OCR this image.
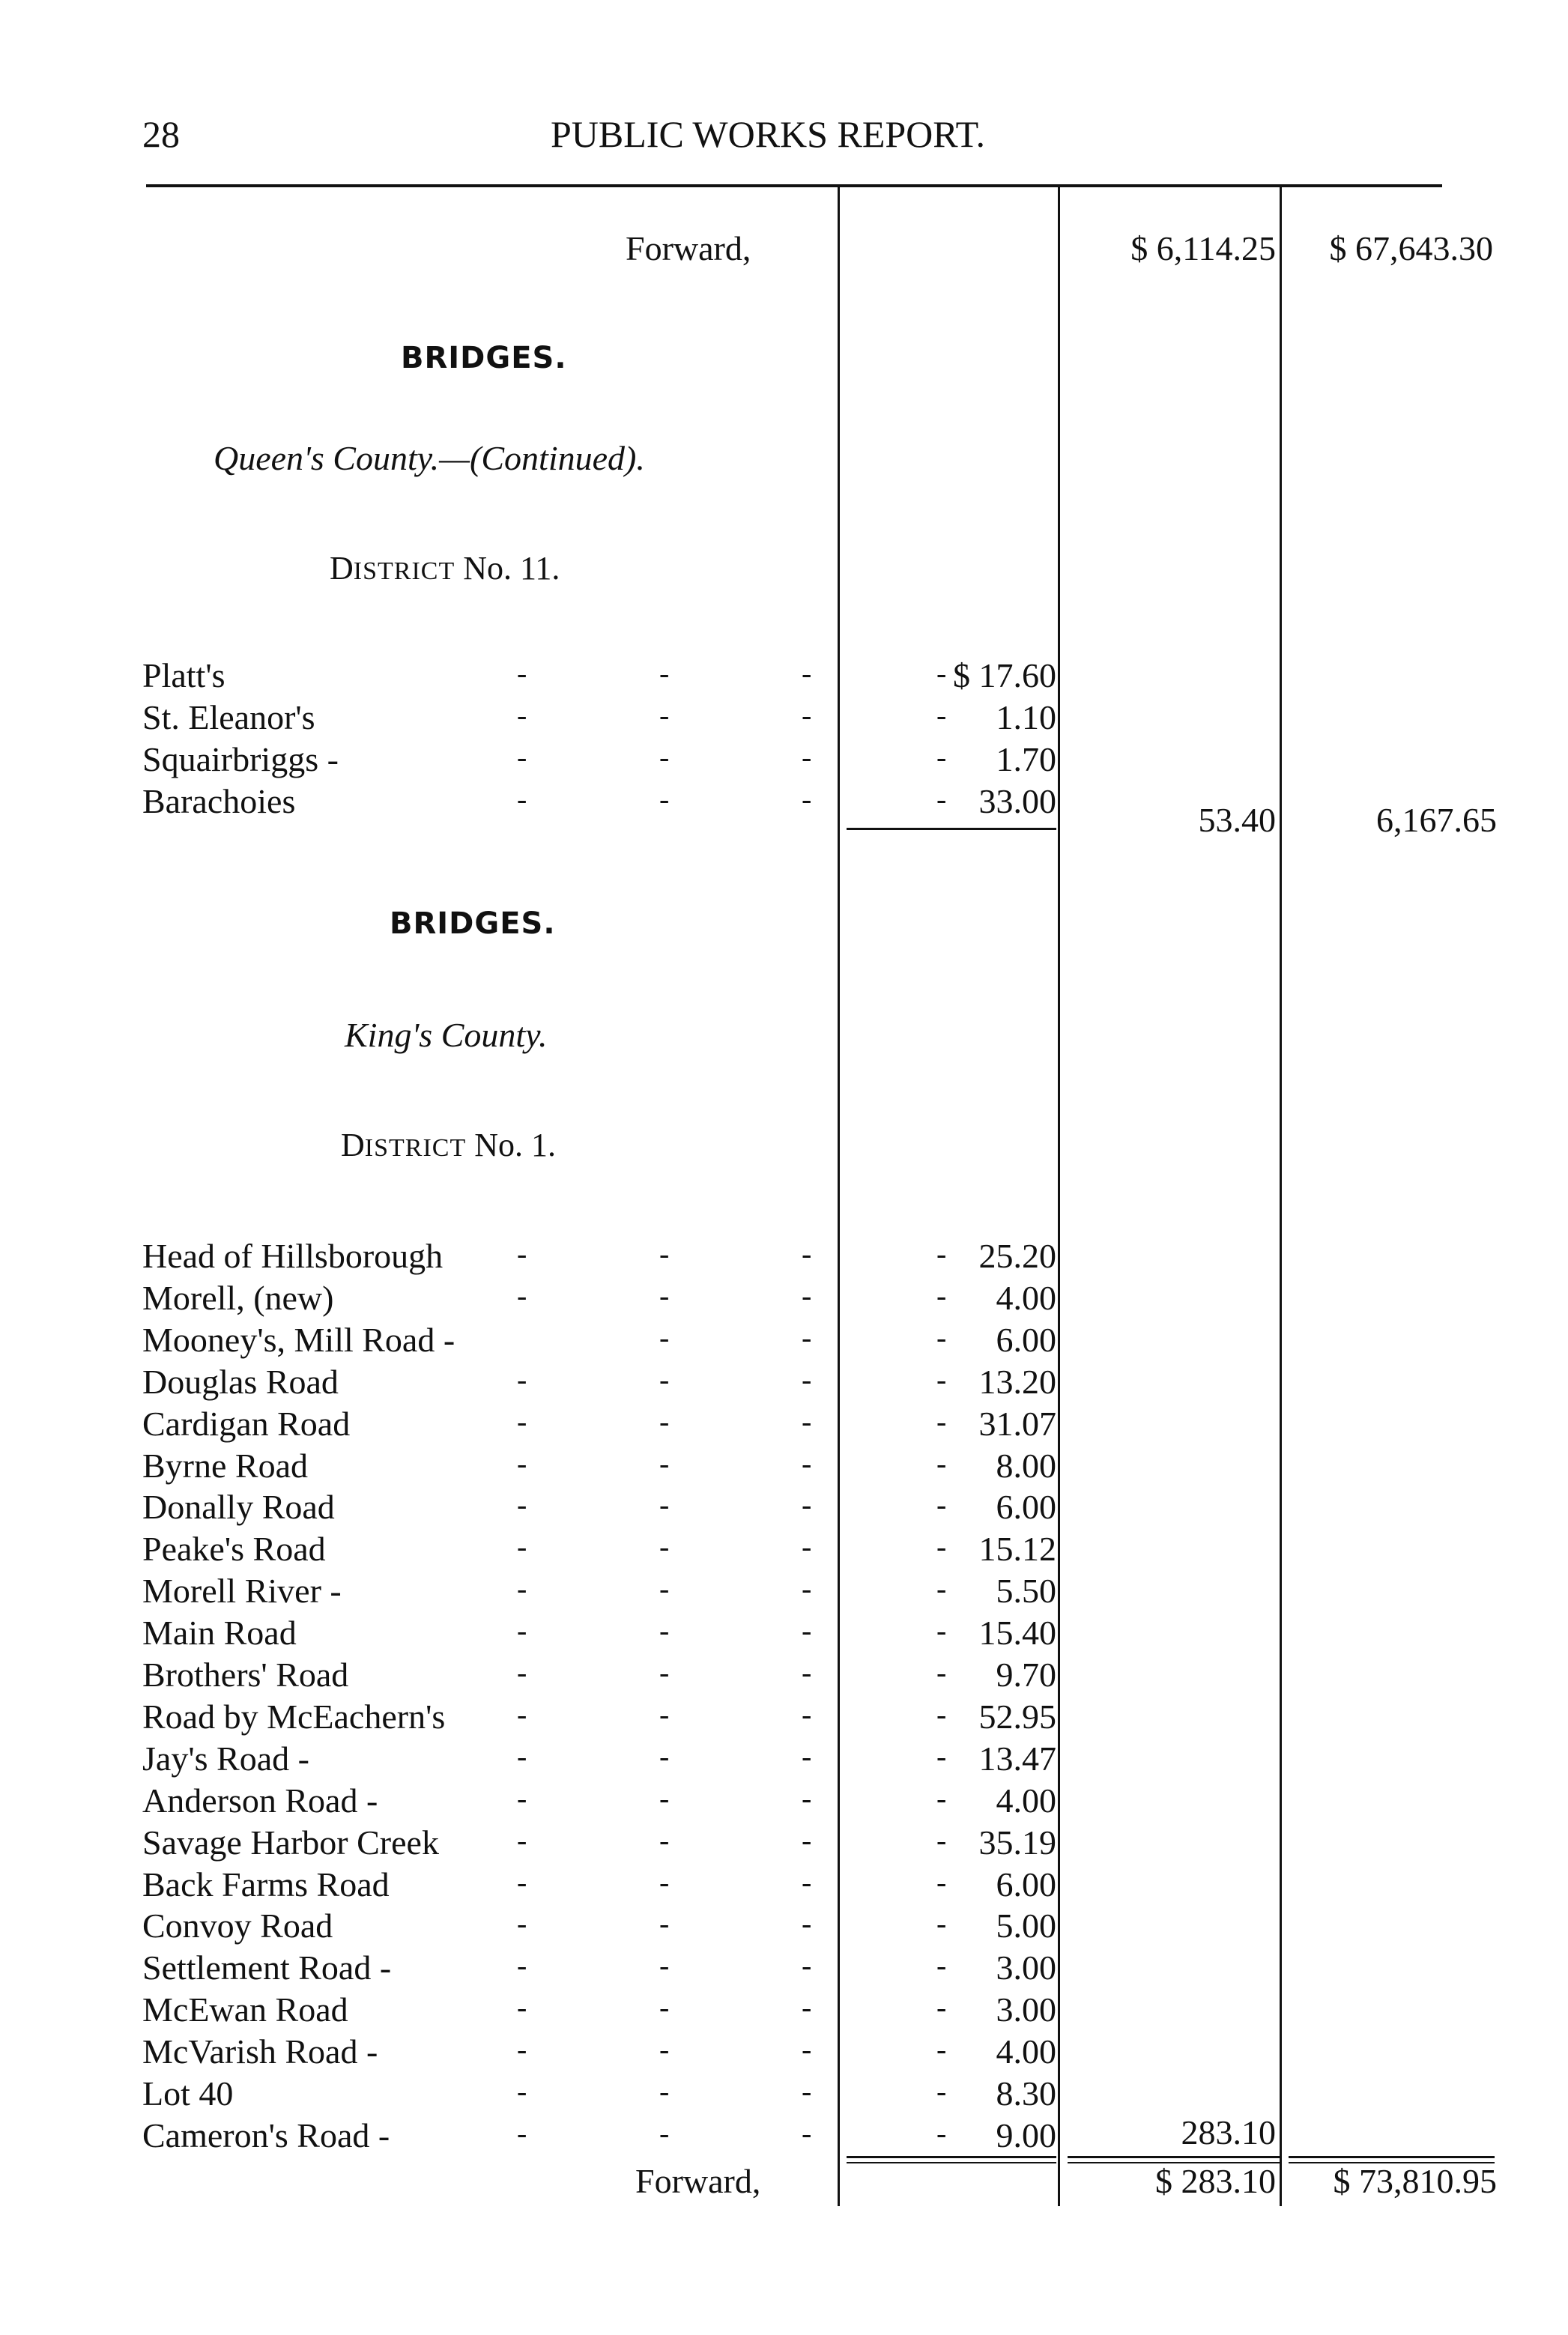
28	PUBLIC WORKS REPORT.
Forward,	$ 6,114.25 $ 67,643.30
BRIDGES.
Queen's County.—(Continued).
DISTRICT No. 11.
Platt's	-	-	-	- $ 17.60
St. Eleanor's	-	-	-	- 1.10
Squairbriggs -	-	-	-	- 1.70
Barachoies	-	-	-	- 33.00	53.40	6,167.65
BRIDGES.
King's County.
DISTRICT No. 1.
Head of Hillsborough -	-	-	- 25.20
Morell, (new)	-	-	-	- 4.00
Mooney's, Mill Road -	-	-	- 6.00
Douglas Road	-	-	-	- 13.20
Cardigan Road	-	-	-	- 31.07
Byrne Road	-	-	-	- 8.00
Donally Road	-	-	-	- 6.00
Peake's Road	-	-	-	- 15.12
Morell River -	-	-	-	- 5.50
Main Road	-	-	-	- 15.40
Brothers' Road	-	-	-	- 9.70
Road by McEachern's -	-	-	- 52.95
Jay's Road -	-	-	-	- 13.47
Anderson Road -	-	-	-	- 4.00
Savage Harbor Creek	-	-	-	- 35.19
Back Farms Road	-	-	-	- 6.00
Convoy Road	-	-	-	- 5.00
Settlement Road -	-	-	-	- 3.00
McEwan Road	-	-	-	- 3.00
McVarish Road -	-	-	-	- 4.00
Lot 40	-	-	-	- 8.30
Cameron's Road -	-	-	-	- 9.00	283.10
Forward,	$ 283.10 $ 73,810.95
